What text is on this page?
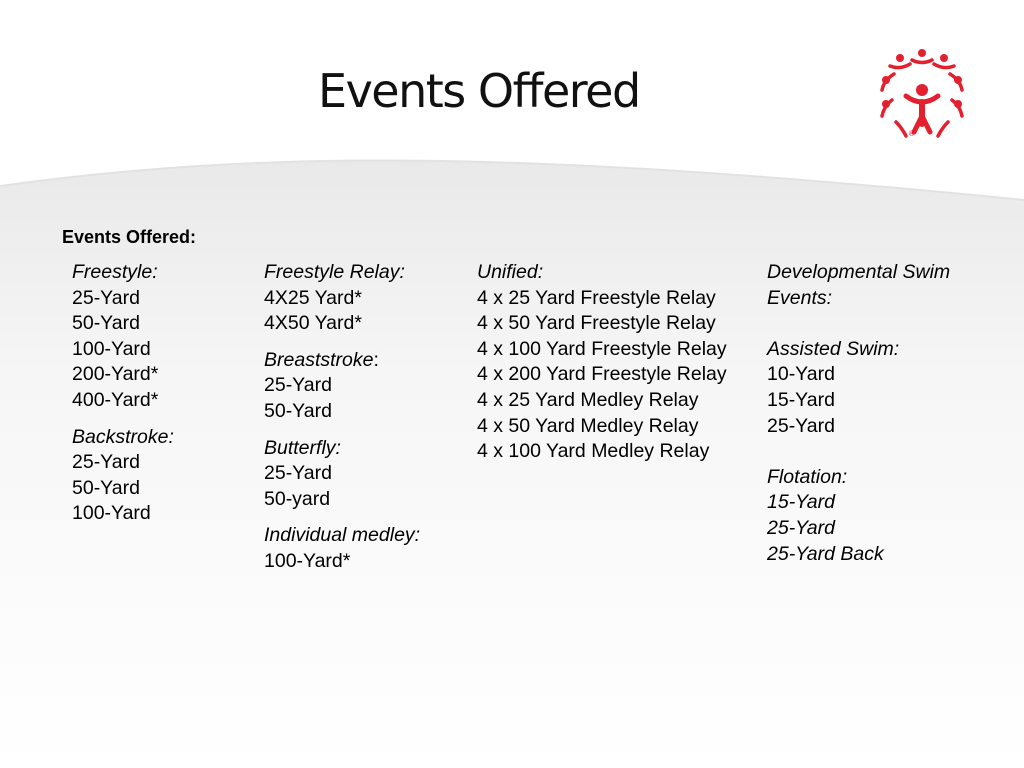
Events Offered
®
Events Offered:
Freestyle:
25-Yard
50-Yard
100-Yard
200-Yard*
400-Yard*
Backstroke:
25-Yard
50-Yard
100-Yard
Freestyle Relay:
4X25 Yard*
4X50 Yard*
Breaststroke:
25-Yard
50-Yard
Butterfly:
25-Yard
50-yard
Individual medley:
100-Yard*
Unified:
4 x 25 Yard Freestyle Relay
4 x 50 Yard Freestyle Relay
4 x 100 Yard Freestyle Relay
4 x 200 Yard Freestyle Relay
4 x 25 Yard Medley Relay
4 x 50 Yard Medley Relay
4 x 100 Yard Medley Relay
Developmental Swim
Events:
Assisted Swim:
10-Yard
15-Yard
25-Yard
Flotation:
15-Yard
25-Yard
25-Yard Back
